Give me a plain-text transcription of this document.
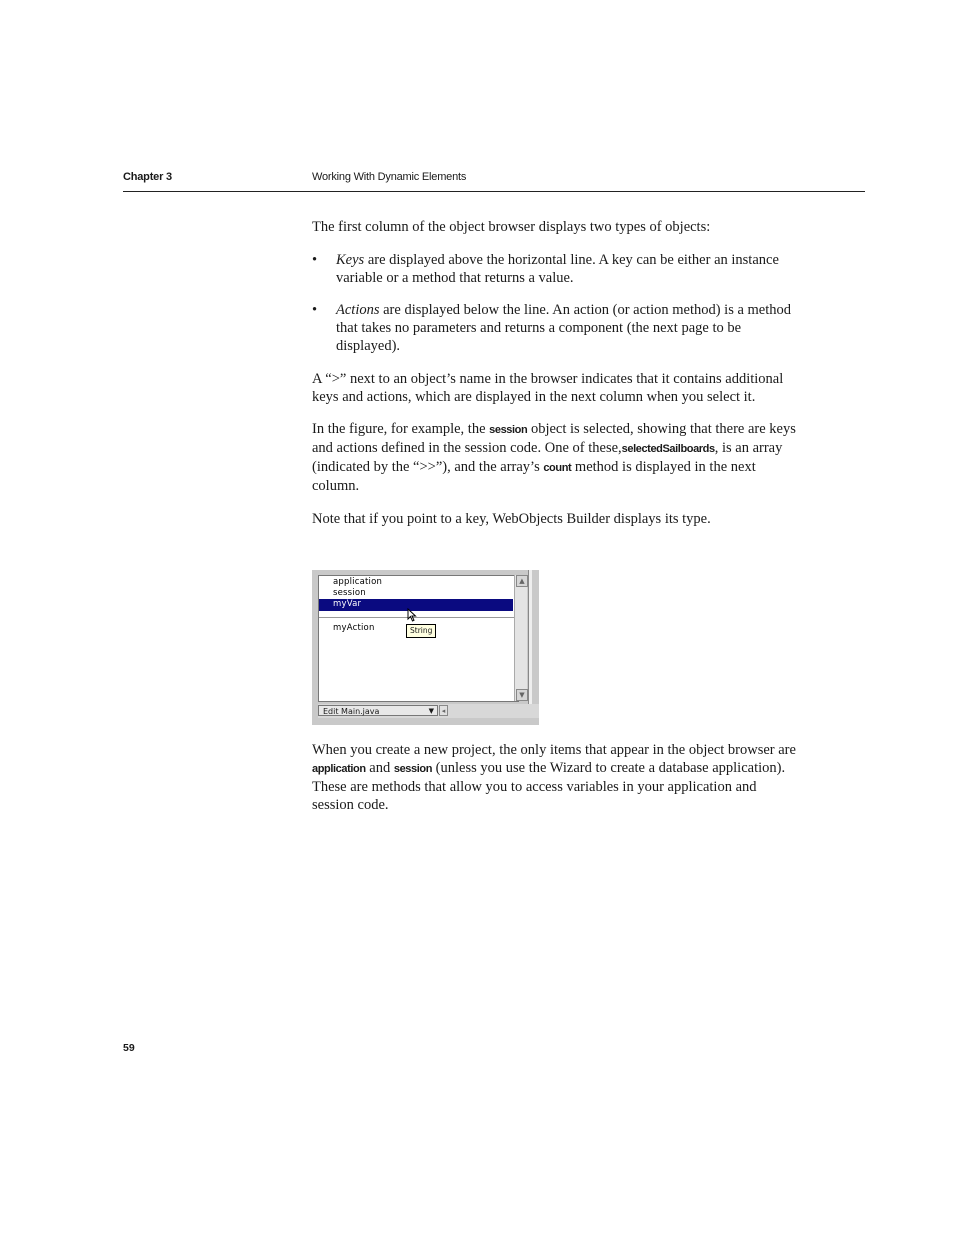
Chapter 3	Working With Dynamic Elements

The first column of the object browser displays two types of objects:

• Keys are displayed above the horizontal line. A key can be either an instance variable or a method that returns a value.
• Actions are displayed below the line. An action (or action method) is a method that takes no parameters and returns a component (the next page to be displayed).

A “>” next to an object’s name in the browser indicates that it contains additional keys and actions, which are displayed in the next column when you select it.

In the figure, for example, the session object is selected, showing that there are keys and actions defined in the session code. One of these,selectedSailboards, is an array (indicated by the “>>”), and the array’s count method is displayed in the next column.

Note that if you point to a key, WebObjects Builder displays its type.

application
session
myVar
myAction	String
▲
▼
Edit Main.java	▼	◂

When you create a new project, the only items that appear in the object browser are application and session (unless you use the Wizard to create a database application). These are methods that allow you to access variables in your application and session code.

59
